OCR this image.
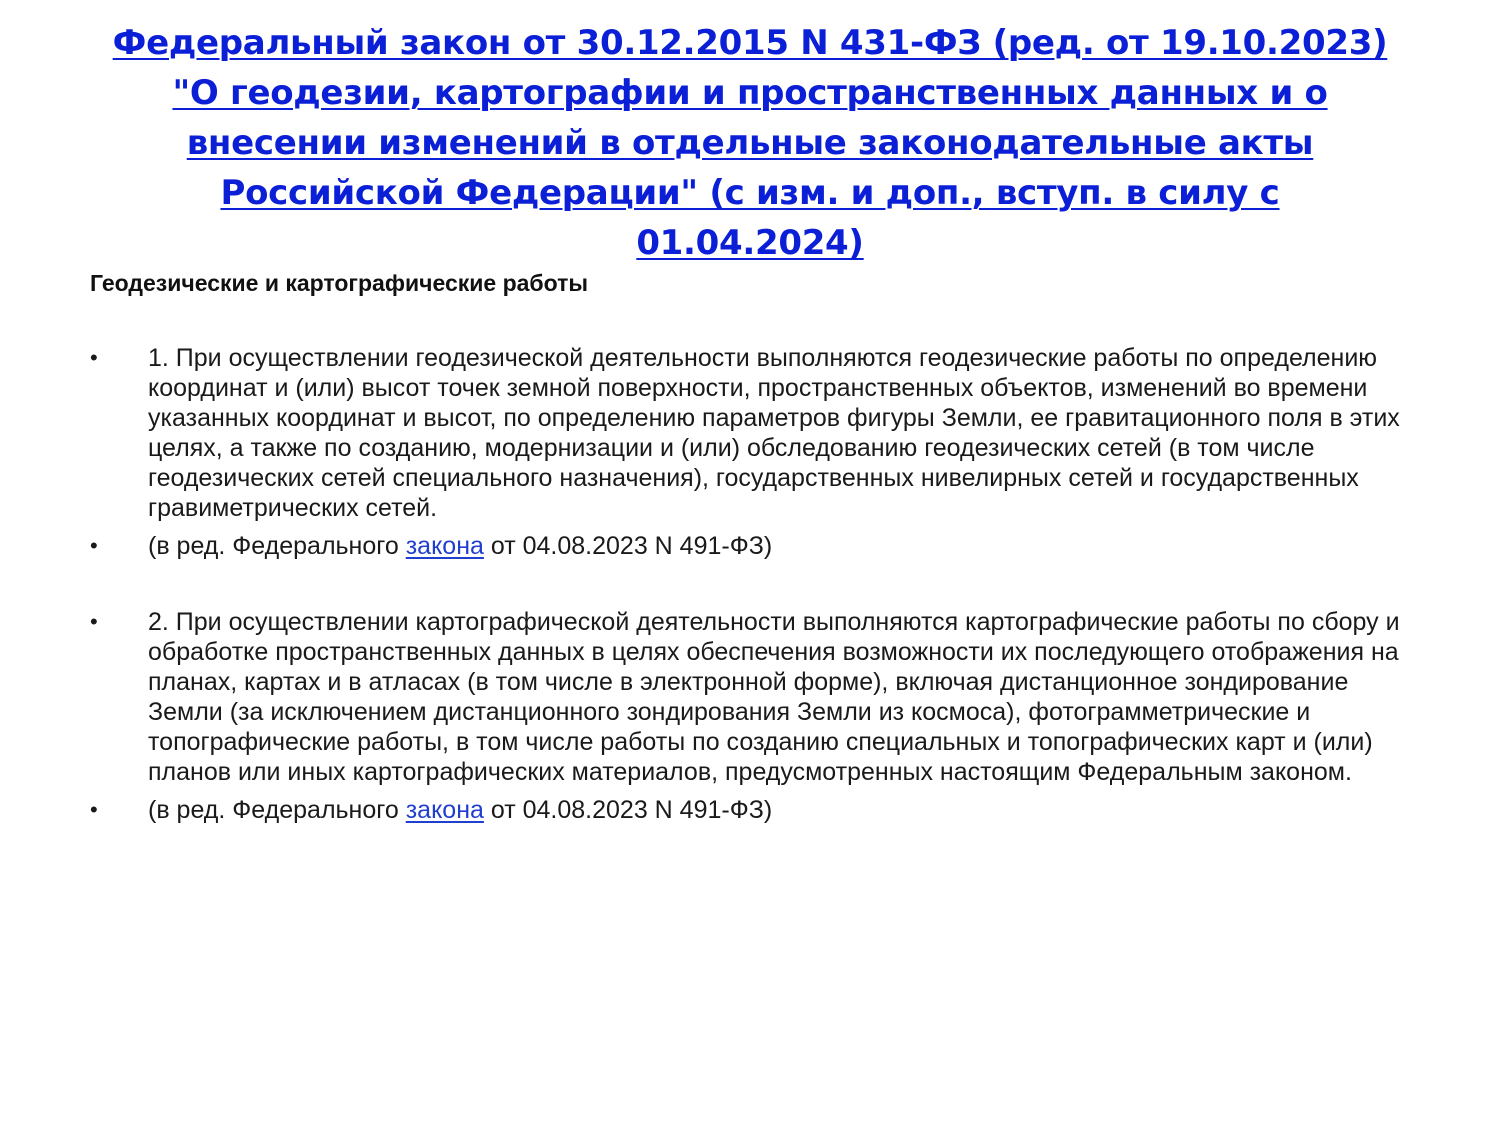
Федеральный закон от 30.12.2015 N 431-ФЗ (ред. от 19.10.2023) "О геодезии, картографии и пространственных данных и о внесении изменений в отдельные законодательные акты Российской Федерации" (с изм. и доп., вступ. в силу с 01.04.2024)
Геодезические и картографические работы
•	1. При осуществлении геодезической деятельности выполняются геодезические работы по определению координат и (или) высот точек земной поверхности, пространственных объектов, изменений во времени указанных координат и высот, по определению параметров фигуры Земли, ее гравитационного поля в этих целях, а также по созданию, модернизации и (или) обследованию геодезических сетей (в том числе геодезических сетей специального назначения), государственных нивелирных сетей и государственных гравиметрических сетей.
•	(в ред. Федерального закона от 04.08.2023 N 491-ФЗ)
•	2. При осуществлении картографической деятельности выполняются картографические работы по сбору и обработке пространственных данных в целях обеспечения возможности их последующего отображения на планах, картах и в атласах (в том числе в электронной форме), включая дистанционное зондирование Земли (за исключением дистанционного зондирования Земли из космоса), фотограмметрические и топографические работы, в том числе работы по созданию специальных и топографических карт и (или) планов или иных картографических материалов, предусмотренных настоящим Федеральным законом.
•	(в ред. Федерального закона от 04.08.2023 N 491-ФЗ)
